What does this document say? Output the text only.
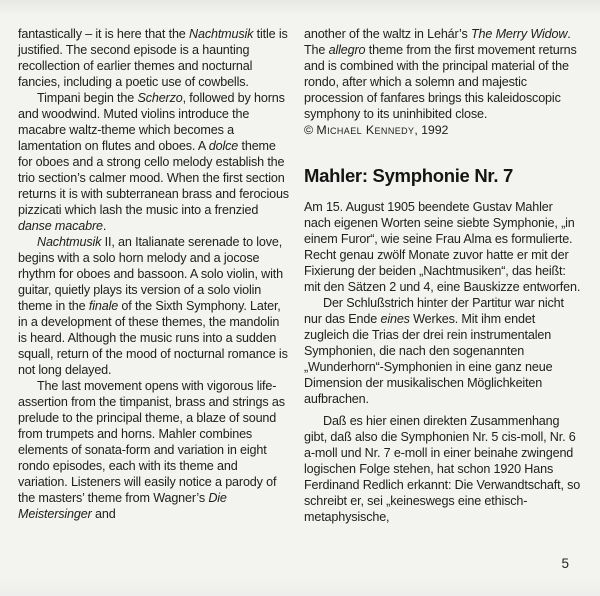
fantastically – it is here that the Nachtmusik title is justified. The second episode is a haunting recollection of earlier themes and nocturnal fancies, including a poetic use of cowbells.

Timpani begin the Scherzo, followed by horns and woodwind. Muted violins introduce the macabre waltz-theme which becomes a lamentation on flutes and oboes. A dolce theme for oboes and a strong cello melody establish the trio section’s calmer mood. When the first section returns it is with subterranean brass and ferocious pizzicati which lash the music into a frenzied danse macabre.

Nachtmusik II, an Italianate serenade to love, begins with a solo horn melody and a jocose rhythm for oboes and bassoon. A solo violin, with guitar, quietly plays its version of a solo violin theme in the finale of the Sixth Symphony. Later, in a development of these themes, the mandolin is heard. Although the music runs into a sudden squall, return of the mood of nocturnal romance is not long delayed.

The last movement opens with vigorous life-assertion from the timpanist, brass and strings as prelude to the principal theme, a blaze of sound from trumpets and horns. Mahler combines elements of sonata-form and variation in eight rondo episodes, each with its theme and variation. Listeners will easily notice a parody of the masters’ theme from Wagner’s Die Meistersinger and

another of the waltz in Lehár’s The Merry Widow. The allegro theme from the first movement returns and is combined with the principal material of the rondo, after which a solemn and majestic procession of fanfares brings this kaleidoscopic symphony to its uninhibited close.

© Michael Kennedy, 1992

Mahler: Symphonie Nr. 7

Am 15. August 1905 beendete Gustav Mahler nach eigenen Worten seine siebte Symphonie, „in einem Furor“, wie seine Frau Alma es formulierte. Recht genau zwölf Monate zuvor hatte er mit der Fixierung der beiden „Nachtmusiken“, das heißt: mit den Sätzen 2 und 4, eine Bauskizze entworfen.

Der Schlußstrich hinter der Partitur war nicht nur das Ende eines Werkes. Mit ihm endet zugleich die Trias der drei rein instrumentalen Symphonien, die nach den sogenannten „Wunderhorn“-Symphonien in eine ganz neue Dimension der musikalischen Möglichkeiten aufbrachen.

Daß es hier einen direkten Zusammenhang gibt, daß also die Symphonien Nr. 5 cis-moll, Nr. 6 a-moll und Nr. 7 e-moll in einer beinahe zwingend logischen Folge stehen, hat schon 1920 Hans Ferdinand Redlich erkannt: Die Verwandtschaft, so schreibt er, sei „keineswegs eine ethisch-metaphysische,

5
